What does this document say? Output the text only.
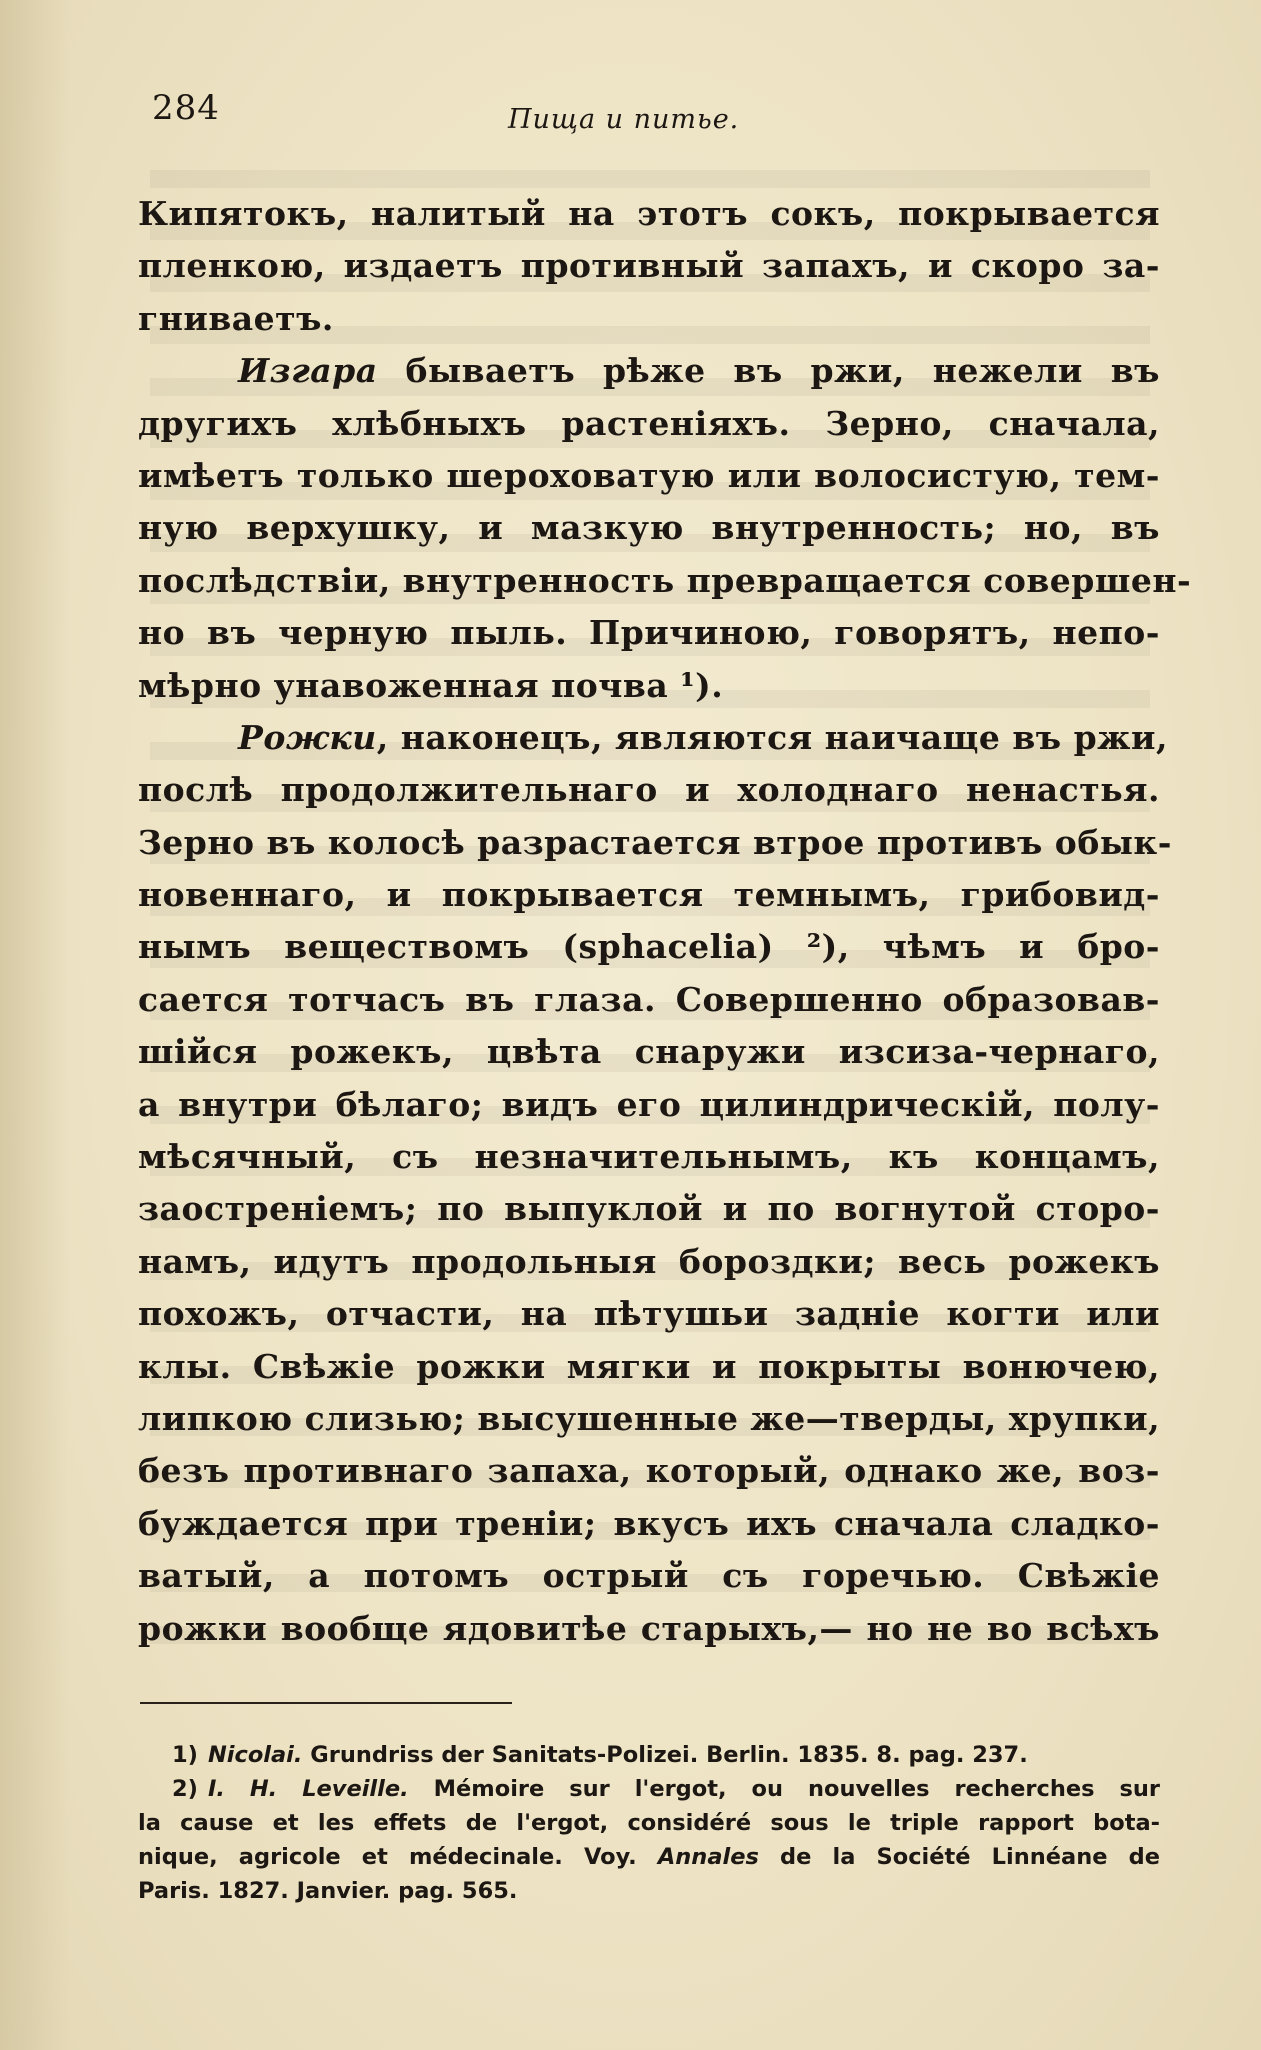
284	Пища и питье.
Кипятокъ, налитый на этотъ сокъ, покрывается
пленкою, издаетъ противный запахъ, и скоро за-
гниваетъ.
Изгара бываетъ рѣже въ ржи, нежели въ
другихъ хлѣбныхъ растеніяхъ. Зерно, сначала,
имѣетъ только шероховатую или волосистую, тем-
ную верхушку, и мазкую внутренность; но, въ
послѣдствіи, внутренность превращается совершен-
но въ черную пыль. Причиною, говорятъ, непо-
мѣрно унавоженная почва ¹).
Рожки, наконецъ, являются наичаще въ ржи,
послѣ продолжительнаго и холоднаго ненастья.
Зерно въ колосѣ разрастается втрое противъ обык-
новеннаго, и покрывается темнымъ, грибовид-
нымъ веществомъ (sphacelia) ²), чѣмъ и бро-
сается тотчасъ въ глаза. Совершенно образовав-
шійся рожекъ, цвѣта снаружи изсиза-чернаго,
а внутри бѣлаго; видъ его цилиндрическій, полу-
мѣсячный, съ незначительнымъ, къ концамъ,
заостреніемъ; по выпуклой и по вогнутой сторо-
намъ, идутъ продольныя бороздки; весь рожекъ
похожъ, отчасти, на пѣтушьи задніе когти или
клы. Свѣжіе рожки мягки и покрыты вонючею,
липкою слизью; высушенные же—тверды, хрупки,
безъ противнаго запаха, который, однако же, воз-
буждается при треніи; вкусъ ихъ сначала сладко-
ватый, а потомъ острый съ горечью. Свѣжіе
рожки вообще ядовитѣе старыхъ,— но не во всѣхъ
1) Nicolai. Grundriss der Sanitats-Polizei. Berlin. 1835. 8. pag. 237.
2) I. H. Leveille. Mémoire sur l'ergot, ou nouvelles recherches sur
la cause et les effets de l'ergot, considéré sous le triple rapport bota-
nique, agricole et médecinale. Voy. Annales de la Société Linnéane de
Paris. 1827. Janvier. pag. 565.
